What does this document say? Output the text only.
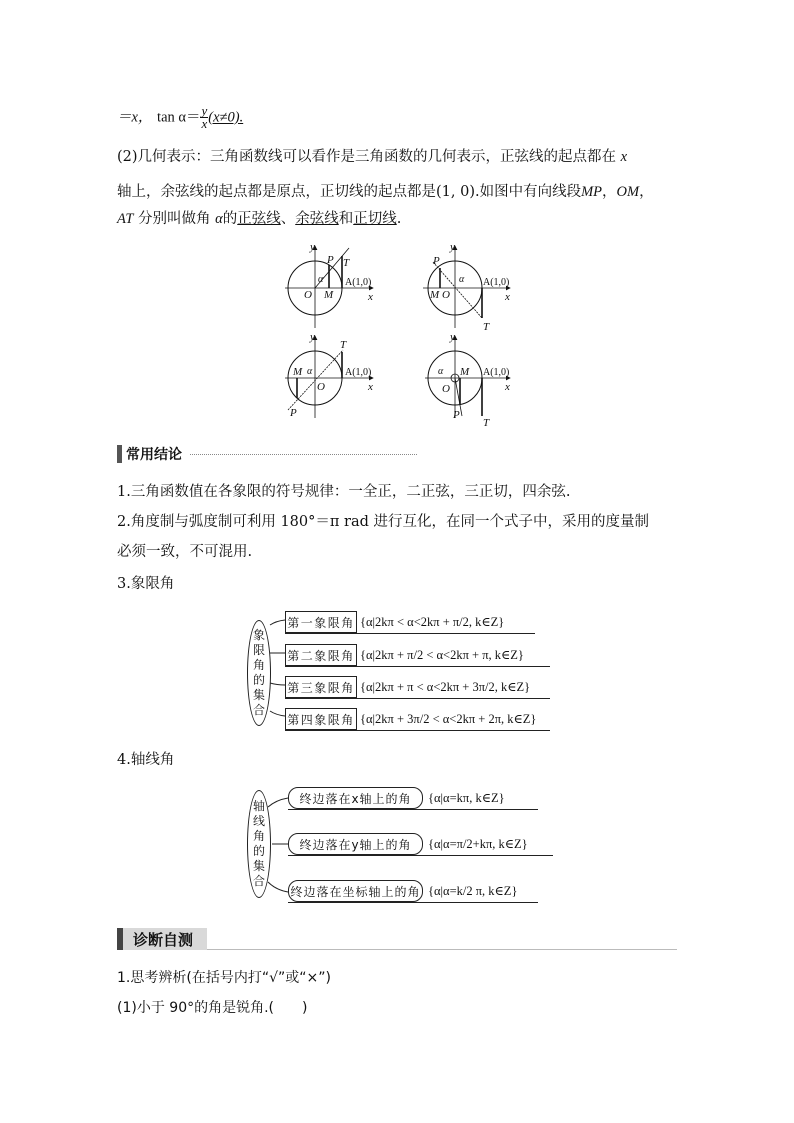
＝x， $\tan \alpha= \frac{y}{x} (x\ne 0)$.
(2)几何表示：三角函数线可以看作是三角函数的几何表示，正弦线的起点都在 x
轴上，余弦线的起点都是原点，正切线的起点都是(1, 0).如图中有向线段MP，OM，
AT 分别叫做角 α的正弦线、余弦线和正切线.
y
x
O M
P T
α A(1,0)
y
x
O
M
P
T
α A(1,0)
y
x
O
M
P
T
α	A(1,0)
y
x
O
M
P
T
α	A(1,0)
常用结论
1.三角函数值在各象限的符号规律：一全正，二正弦，三正切，四余弦.
2.角度制与弧度制可利用 180°＝π rad 进行互化，在同一个式子中，采用的度量制
必须一致，不可混用.
3.象限角
象
限
角
的
集
合
第一象限角 {α|2kπ < α<2kπ + π/2, k∈Z}
第二象限角 {α|2kπ + π/2 < α<2kπ + π, k∈Z}
第三象限角 {α|2kπ + π < α<2kπ + 3π/2, k∈Z}
第四象限角 {α|2kπ + 3π/2 < α<2kπ + 2π, k∈Z}
4.轴线角
轴
线
角
的
集
合
终边落在x轴上的角	{α|α=kπ, k∈Z}
终边落在y轴上的角	{α|α=π/2+kπ, k∈Z}
终边落在坐标轴上的角 {α|α=k/2 π, k∈Z}
诊断自测
1.思考辨析(在括号内打“√”或“×”)
(1)小于 90°的角是锐角.(　　)
